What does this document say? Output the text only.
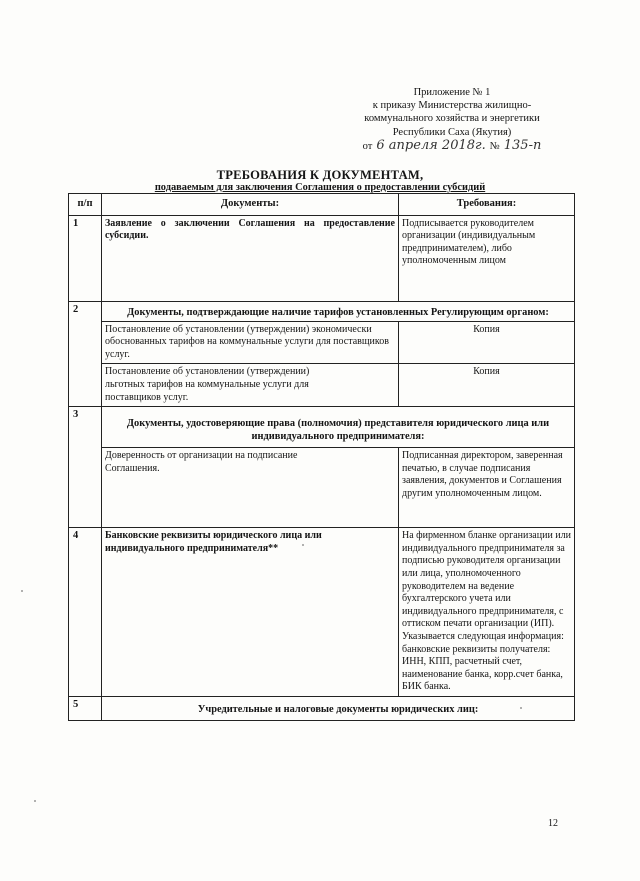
Приложение № 1
к приказу Министерства жилищно-
коммунального хозяйства и энергетики
Республики Саха (Якутия)
от 6 апреля 2018г. № 135-п
ТРЕБОВАНИЯ К ДОКУМЕНТАМ,
подаваемым для заключения Соглашения о предоставлении субсидий
п/п	Документы:	Требования:
1	Заявление о заключении Соглашения на предоставление субсидии.	Подписывается руководителем организации (индивидуальным предпринимателем), либо уполномоченным лицом
2	Документы, подтверждающие наличие тарифов установленных Регулирующим органом:	
	Постановление об установлении (утверждении) экономически обоснованных тарифов на коммунальные услуги для поставщиков услуг.	Копия
	Постановление об установлении (утверждении) льготных тарифов на коммунальные услуги для поставщиков услуг.	Копия
3	Документы, удостоверяющие права (полномочия) представителя юридического лица или индивидуального предпринимателя:	
	Доверенность от организации на подписание Соглашения.	Подписанная директором, заверенная печатью, в случае подписания заявления, документов и Соглашения другим уполномоченным лицом.
4	Банковские реквизиты юридического лица или индивидуального предпринимателя**	На фирменном бланке организации или индивидуального предпринимателя за подписью руководителя организации или лица, уполномоченного руководителем на ведение бухгалтерского учета или индивидуального предпринимателя, с оттиском печати организации (ИП). Указывается следующая информация: банковские реквизиты получателя: ИНН, КПП, расчетный счет, наименование банка, корр.счет банка, БИК банка.
5	Учредительные и налоговые документы юридических лиц:	
12
